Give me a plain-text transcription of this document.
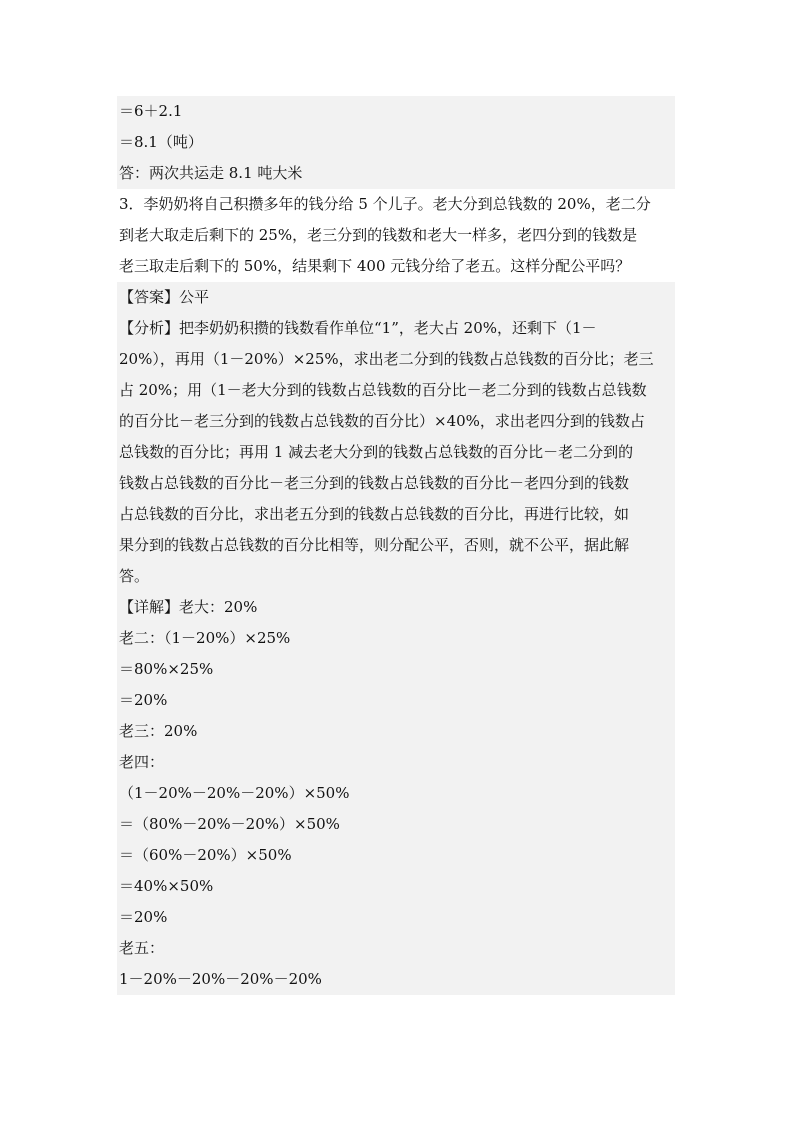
＝6＋2.1
＝8.1（吨）
答：两次共运走 8.1 吨大米
3．李奶奶将自己积攒多年的钱分给 5 个儿子。老大分到总钱数的 20%，老二分
到老大取走后剩下的 25%，老三分到的钱数和老大一样多，老四分到的钱数是
老三取走后剩下的 50%，结果剩下 400 元钱分给了老五。这样分配公平吗？
【答案】公平
【分析】把李奶奶积攒的钱数看作单位“1”，老大占 20%，还剩下（1－
20%），再用（1－20%）×25%，求出老二分到的钱数占总钱数的百分比；老三
占 20%；用（1－老大分到的钱数占总钱数的百分比－老二分到的钱数占总钱数
的百分比－老三分到的钱数占总钱数的百分比）×40%，求出老四分到的钱数占
总钱数的百分比；再用 1 减去老大分到的钱数占总钱数的百分比－老二分到的
钱数占总钱数的百分比－老三分到的钱数占总钱数的百分比－老四分到的钱数
占总钱数的百分比，求出老五分到的钱数占总钱数的百分比，再进行比较，如
果分到的钱数占总钱数的百分比相等，则分配公平，否则，就不公平，据此解
答。
【详解】老大：20%
老二：（1－20%）×25%
＝80%×25%
＝20%
老三：20%
老四：
（1－20%－20%－20%）×50%
＝（80%－20%－20%）×50%
＝（60%－20%）×50%
＝40%×50%
＝20%
老五：
1－20%－20%－20%－20%
